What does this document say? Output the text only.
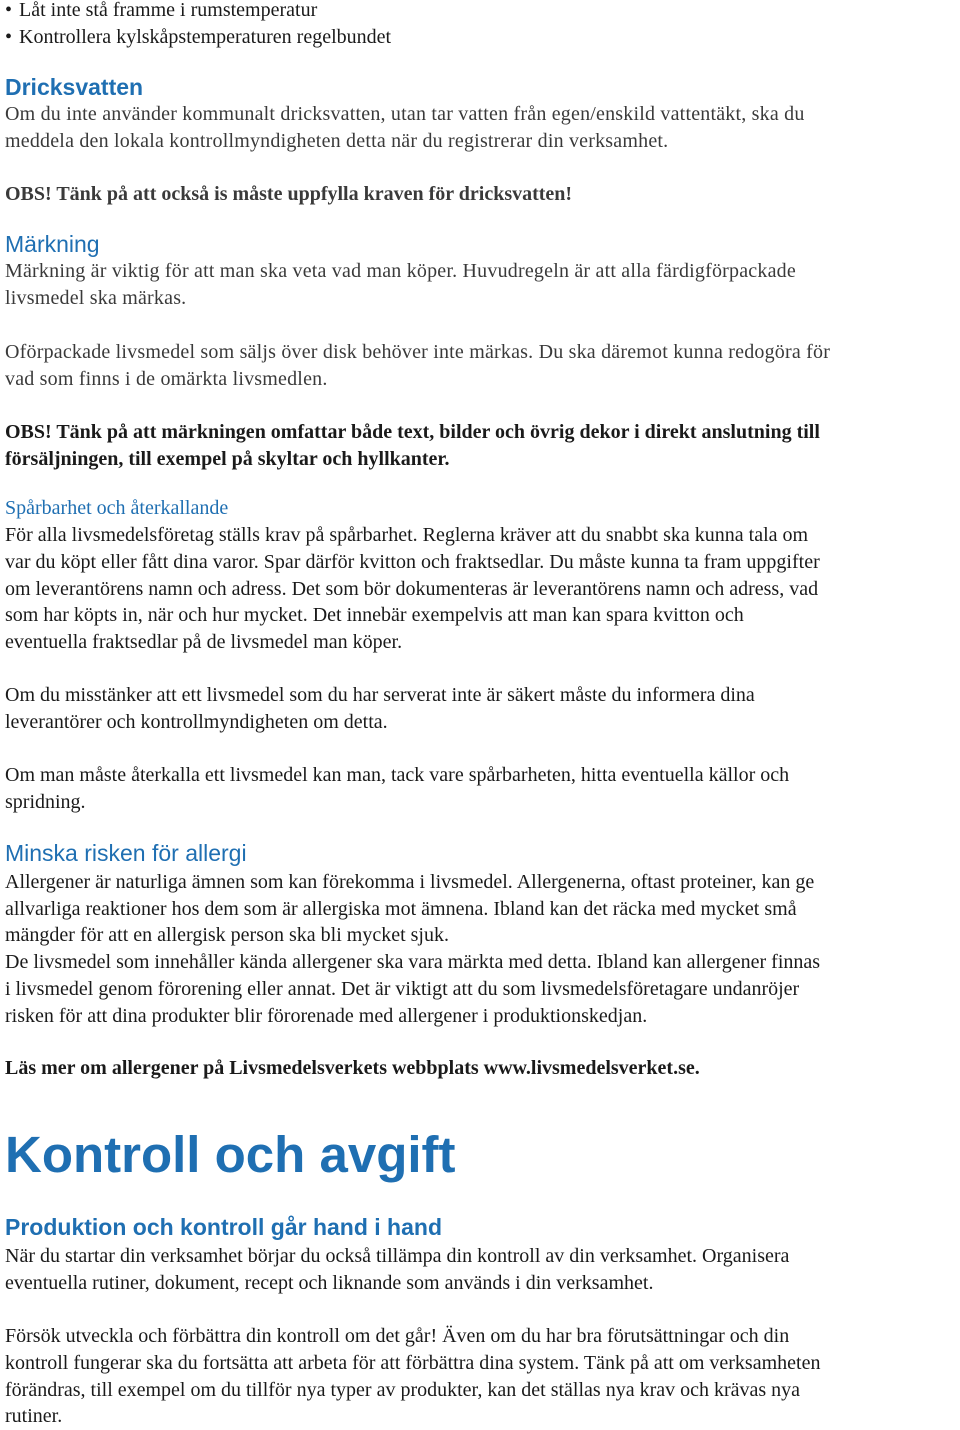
• Låt inte stå framme i rumstemperatur

• Kontrollera kylskåpstemperaturen regelbundet

Dricksvatten

Om du inte använder kommunalt dricksvatten, utan tar vatten från egen/enskild vattentäkt, ska du

meddela den lokala kontrollmyndigheten detta när du registrerar din verksamhet.

OBS! Tänk på att också is måste uppfylla kraven för dricksvatten!

Märkning

Märkning är viktig för att man ska veta vad man köper. Huvudregeln är att alla färdigförpackade

livsmedel ska märkas.

Oförpackade livsmedel som säljs över disk behöver inte märkas. Du ska däremot kunna redogöra för

vad som finns i de omärkta livsmedlen.

OBS! Tänk på att märkningen omfattar både text, bilder och övrig dekor i direkt anslutning till

försäljningen, till exempel på skyltar och hyllkanter.

Spårbarhet och återkallande

För alla livsmedelsföretag ställs krav på spårbarhet. Reglerna kräver att du snabbt ska kunna tala om

var du köpt eller fått dina varor. Spar därför kvitton och fraktsedlar. Du måste kunna ta fram uppgifter

om leverantörens namn och adress. Det som bör dokumenteras är leverantörens namn och adress, vad

som har köpts in, när och hur mycket. Det innebär exempelvis att man kan spara kvitton och

eventuella fraktsedlar på de livsmedel man köper.

Om du misstänker att ett livsmedel som du har serverat inte är säkert måste du informera dina

leverantörer och kontrollmyndigheten om detta.

Om man måste återkalla ett livsmedel kan man, tack vare spårbarheten, hitta eventuella källor och

spridning.

Minska risken för allergi

Allergener är naturliga ämnen som kan förekomma i livsmedel. Allergenerna, oftast proteiner, kan ge

allvarliga reaktioner hos dem som är allergiska mot ämnena. Ibland kan det räcka med mycket små

mängder för att en allergisk person ska bli mycket sjuk.

De livsmedel som innehåller kända allergener ska vara märkta med detta. Ibland kan allergener finnas

i livsmedel genom förorening eller annat. Det är viktigt att du som livsmedelsföretagare undanröjer

risken för att dina produkter blir förorenade med allergener i produktionskedjan.

Läs mer om allergener på Livsmedelsverkets webbplats www.livsmedelsverket.se.

Kontroll och avgift

Produktion och kontroll går hand i hand

När du startar din verksamhet börjar du också tillämpa din kontroll av din verksamhet. Organisera

eventuella rutiner, dokument, recept och liknande som används i din verksamhet.

Försök utveckla och förbättra din kontroll om det går! Även om du har bra förutsättningar och din

kontroll fungerar ska du fortsätta att arbeta för att förbättra dina system. Tänk på att om verksamheten

förändras, till exempel om du tillför nya typer av produkter, kan det ställas nya krav och krävas nya

rutiner.
